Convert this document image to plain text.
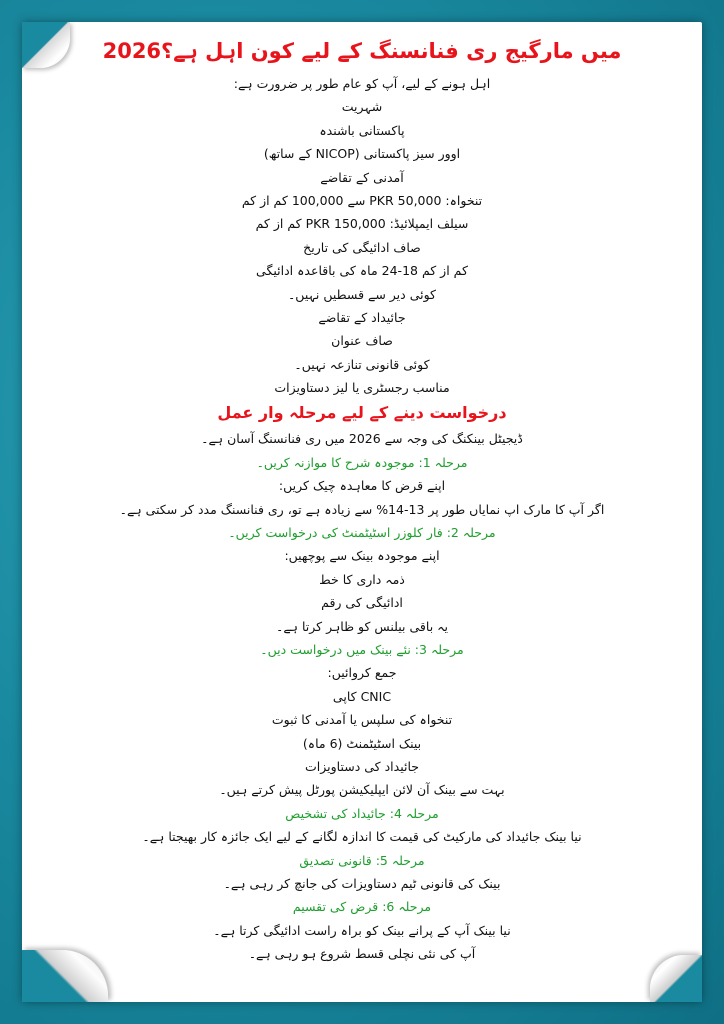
میں مارگیج ری فنانسنگ کے لیے کون اہل ہے؟2026
اہل ہونے کے لیے، آپ کو عام طور پر ضرورت ہے:
شہریت
پاکستانی باشندہ
اوور سیز پاکستانی (NICOP کے ساتھ)
آمدنی کے تقاضے
تنخواہ: PKR 50,000 سے 100,000 کم از کم
سیلف ایمپلائیڈ: PKR 150,000 کم از کم
صاف ادائیگی کی تاریخ
کم از کم 18-24 ماہ کی باقاعدہ ادائیگی
کوئی دیر سے قسطیں نہیں۔
جائیداد کے تقاضے
صاف عنوان
کوئی قانونی تنازعہ نہیں۔
مناسب رجسٹری یا لیز دستاویزات
درخواست دینے کے لیے مرحلہ وار عمل
ڈیجیٹل بینکنگ کی وجہ سے 2026 میں ری فنانسنگ آسان ہے۔
مرحلہ 1: موجودہ شرح کا موازنہ کریں۔
اپنے قرض کا معاہدہ چیک کریں:
اگر آپ کا مارک اپ نمایاں طور پر 13-14% سے زیادہ ہے تو، ری فنانسنگ مدد کر سکتی ہے۔
مرحلہ 2: فار کلوزر اسٹیٹمنٹ کی درخواست کریں۔
اپنے موجودہ بینک سے پوچھیں:
ذمہ داری کا خط
ادائیگی کی رقم
یہ باقی بیلنس کو ظاہر کرتا ہے۔
مرحلہ 3: نئے بینک میں درخواست دیں۔
جمع کروائیں:
CNIC کاپی
تنخواہ کی سلپس یا آمدنی کا ثبوت
بینک اسٹیٹمنٹ (6 ماہ)
جائیداد کی دستاویزات
بہت سے بینک آن لائن ایپلیکیشن پورٹل پیش کرتے ہیں۔
مرحلہ 4: جائیداد کی تشخیص
نیا بینک جائیداد کی مارکیٹ کی قیمت کا اندازہ لگانے کے لیے ایک جائزہ کار بھیجتا ہے۔
مرحلہ 5: قانونی تصدیق
بینک کی قانونی ٹیم دستاویزات کی جانچ کر رہی ہے۔
مرحلہ 6: قرض کی تقسیم
نیا بینک آپ کے پرانے بینک کو براہ راست ادائیگی کرتا ہے۔
آپ کی نئی نچلی قسط شروع ہو رہی ہے۔
